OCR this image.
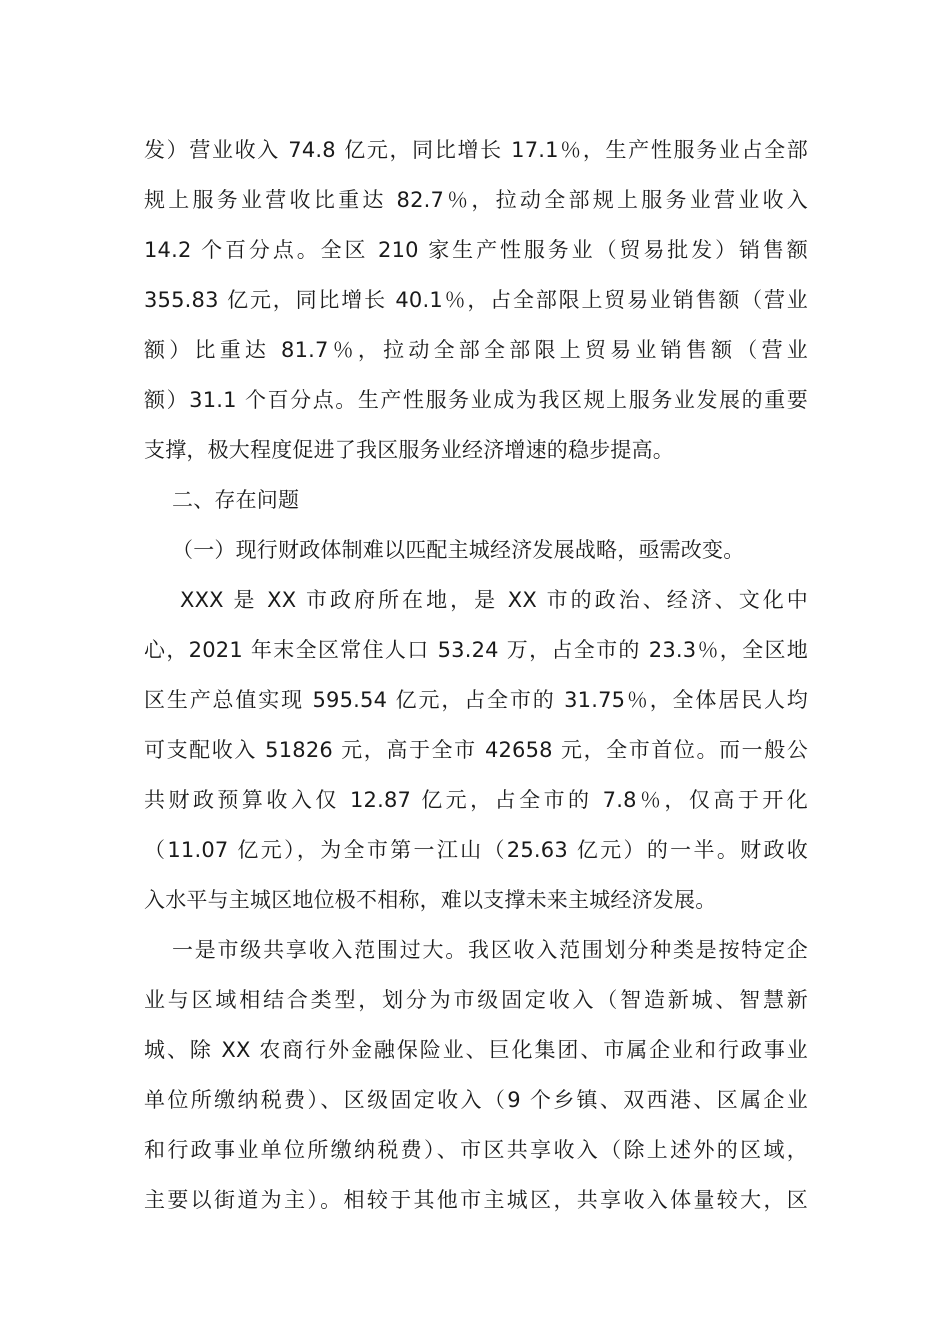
发）营业收入 74.8 亿元，同比增长 17.1％，生产性服务业占全部
规上服务业营收比重达 82.7％，拉动全部规上服务业营业收入
14.2 个百分点。全区 210 家生产性服务业（贸易批发）销售额
355.83 亿元，同比增长 40.1％，占全部限上贸易业销售额（营业
额）比重达 81.7％，拉动全部全部限上贸易业销售额（营业
额）31.1 个百分点。生产性服务业成为我区规上服务业发展的重要
支撑，极大程度促进了我区服务业经济增速的稳步提高。
二、存在问题
（一）现行财政体制难以匹配主城经济发展战略，亟需改变。
XXX 是 XX 市政府所在地，是 XX 市的政治、经济、文化中
心，2021 年末全区常住人口 53.24 万，占全市的 23.3％，全区地
区生产总值实现 595.54 亿元，占全市的 31.75％，全体居民人均
可支配收入 51826 元，高于全市 42658 元，全市首位。而一般公
共财政预算收入仅 12.87 亿元，占全市的 7.8％，仅高于开化
（11.07 亿元），为全市第一江山（25.63 亿元）的一半。财政收
入水平与主城区地位极不相称，难以支撑未来主城经济发展。
一是市级共享收入范围过大。我区收入范围划分种类是按特定企
业与区域相结合类型，划分为市级固定收入（智造新城、智慧新
城、除 XX 农商行外金融保险业、巨化集团、市属企业和行政事业
单位所缴纳税费）、区级固定收入（9 个乡镇、双西港、区属企业
和行政事业单位所缴纳税费）、市区共享收入（除上述外的区域，
主要以街道为主）。相较于其他市主城区，共享收入体量较大，区
